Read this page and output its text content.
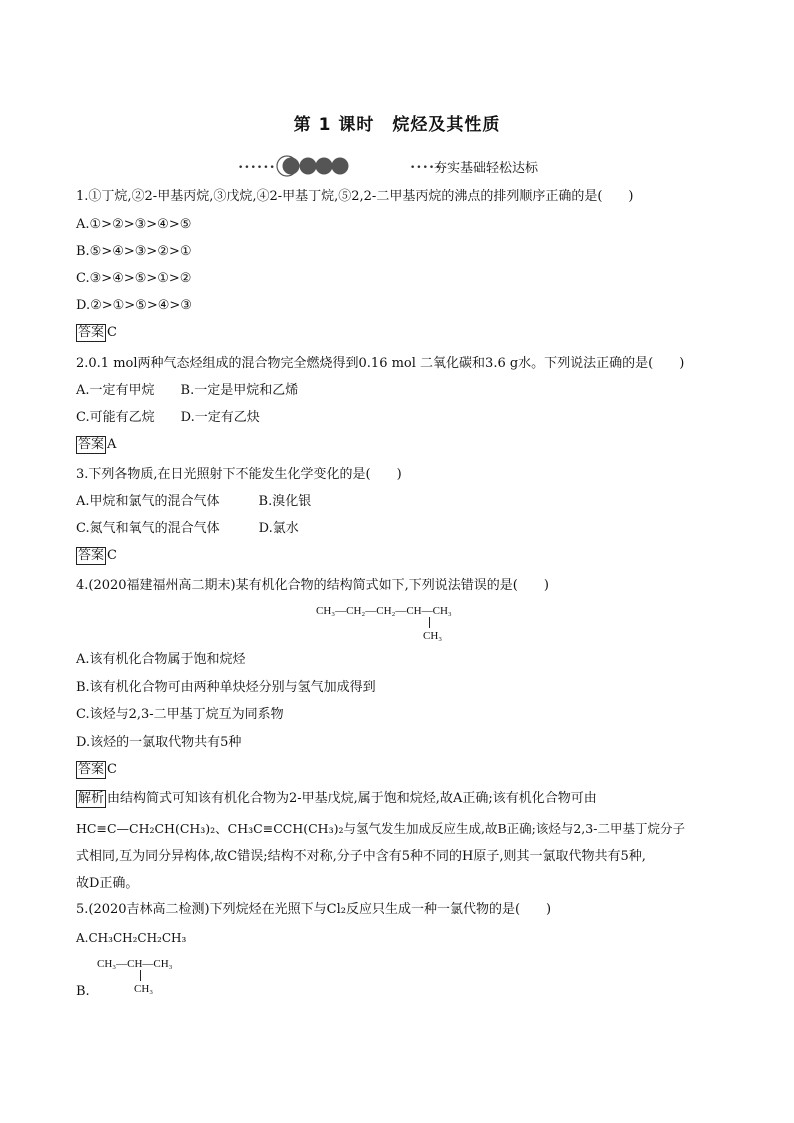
第 1 课时　烷烃及其性质
••••••	•••••
夯实基础轻松达标
1.①丁烷,②2-甲基丙烷,③戊烷,④2-甲基丁烷,⑤2,2-二甲基丙烷的沸点的排列顺序正确的是(　　)
A.①>②>③>④>⑤
B.⑤>④>③>②>①
C.③>④>⑤>①>②
D.②>①>⑤>④>③
答案 C
2.0.1 mol两种气态烃组成的混合物完全燃烧得到0.16 mol 二氧化碳和3.6 g水。下列说法正确的是(　　)
A.一定有甲烷　　B.一定是甲烷和乙烯
C.可能有乙烷　　D.一定有乙炔
答案 A
3.下列各物质,在日光照射下不能发生化学变化的是(　　)
A.甲烷和氯气的混合气体　　　B.溴化银
C.氮气和氧气的混合气体　　　D.氯水
答案 C
4.(2020福建福州高二期末)某有机化合物的结构简式如下,下列说法错误的是(　　)
CH₃—CH₂—CH₂—CH—CH₃
CH₃
A.该有机化合物属于饱和烷烃
B.该有机化合物可由两种单炔烃分别与氢气加成得到
C.该烃与2,3-二甲基丁烷互为同系物
D.该烃的一氯取代物共有5种
答案 C
解析 由结构简式可知该有机化合物为2-甲基戊烷,属于饱和烷烃,故A正确;该有机化合物可由
HC≡C—CH₂CH(CH₃)₂、CH₃C≡CCH(CH₃)₂与氢气发生加成反应生成,故B正确;该烃与2,3-二甲基丁烷分子
式相同,互为同分异构体,故C错误;结构不对称,分子中含有5种不同的H原子,则其一氯取代物共有5种,
故D正确。
5.(2020吉林高二检测)下列烷烃在光照下与Cl₂反应只生成一种一氯代物的是(　　)
A.CH₃CH₂CH₂CH₃
CH₃—CH—CH₃
CH₃
B.
